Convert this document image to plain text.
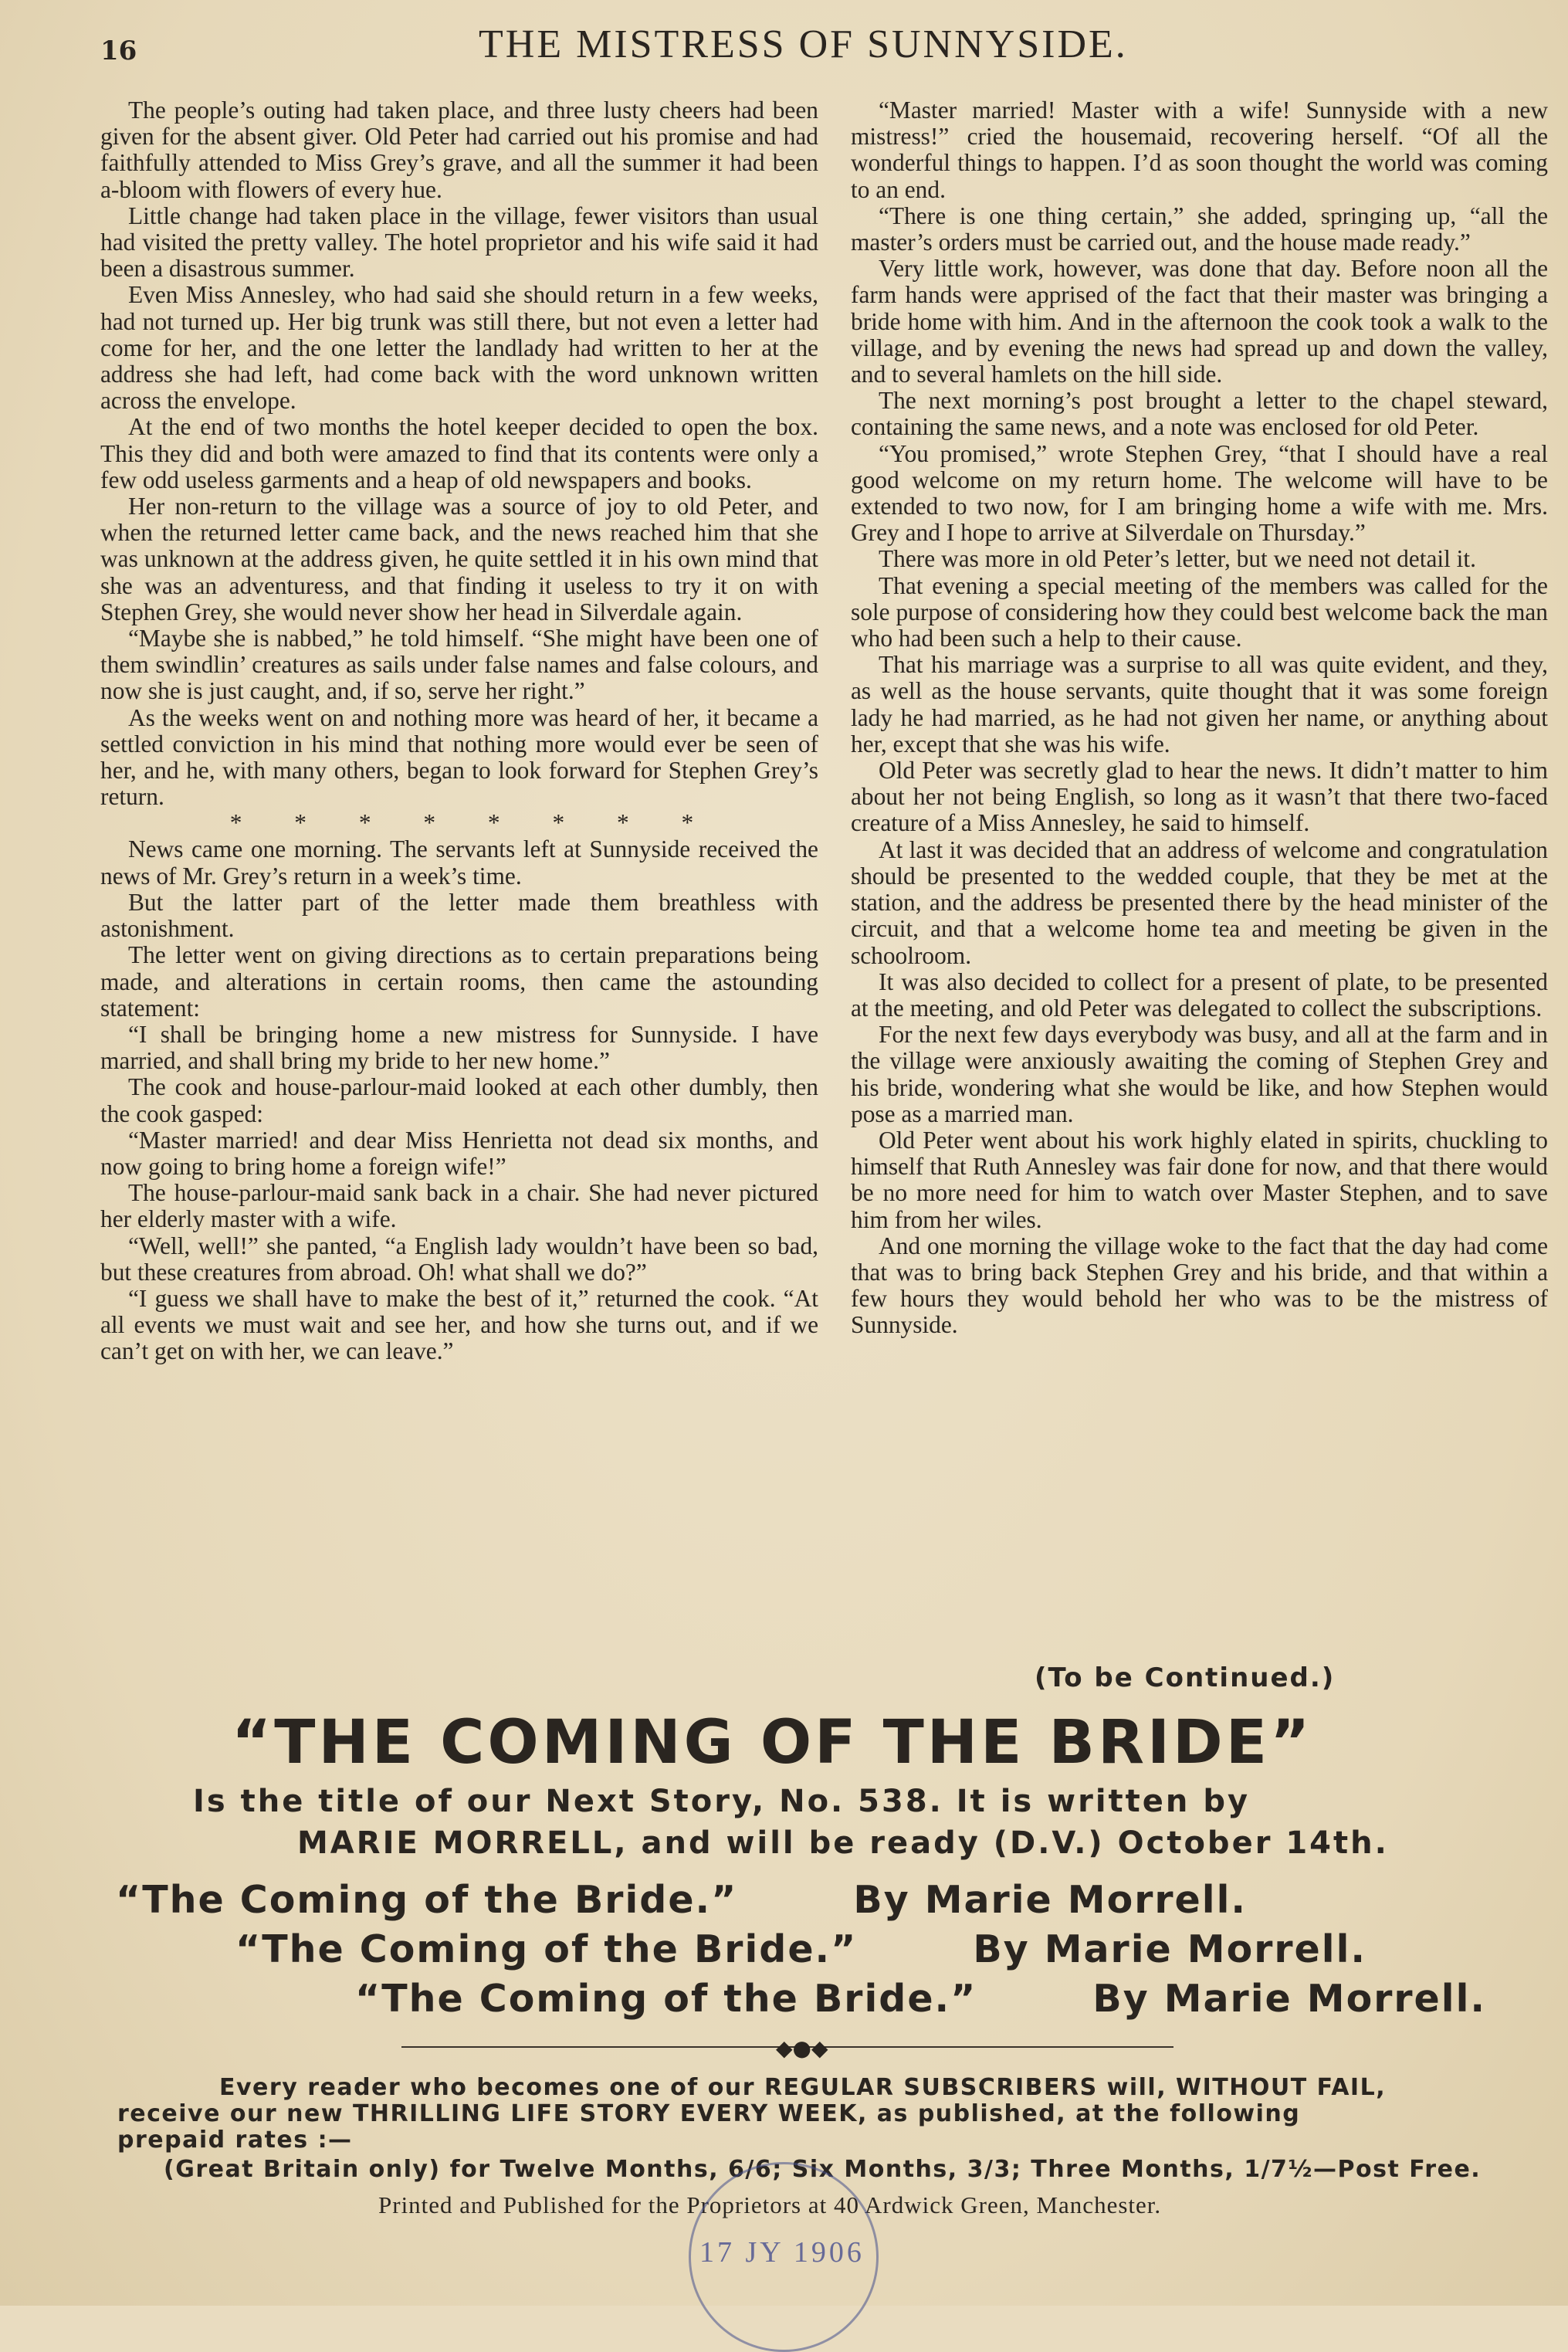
16	THE MISTRESS OF SUNNYSIDE.

The people’s outing had taken place, and three lusty cheers had been given for the absent giver. Old Peter had carried out his promise and had faithfully attended to Miss Grey’s grave, and all the summer it had been a-bloom with flowers of every hue.

Little change had taken place in the village, fewer visitors than usual had visited the pretty valley. The hotel proprietor and his wife said it had been a disastrous summer.

Even Miss Annesley, who had said she should return in a few weeks, had not turned up. Her big trunk was still there, but not even a letter had come for her, and the one letter the landlady had written to her at the address she had left, had come back with the word unknown written across the envelope.

At the end of two months the hotel keeper decided to open the box. This they did and both were amazed to find that its contents were only a few odd useless garments and a heap of old newspapers and books.

Her non-return to the village was a source of joy to old Peter, and when the returned letter came back, and the news reached him that she was unknown at the address given, he quite settled it in his own mind that she was an adventuress, and that finding it useless to try it on with Stephen Grey, she would never show her head in Silverdale again.

“Maybe she is nabbed,” he told himself. “She might have been one of them swindlin’ creatures as sails under false names and false colours, and now she is just caught, and, if so, serve her right.”

As the weeks went on and nothing more was heard of her, it became a settled conviction in his mind that nothing more would ever be seen of her, and he, with many others, began to look forward for Stephen Grey’s return.

* * * * * * * *

News came one morning. The servants left at Sunnyside received the news of Mr. Grey’s return in a week’s time.

But the latter part of the letter made them breathless with astonishment.

The letter went on giving directions as to certain preparations being made, and alterations in certain rooms, then came the astounding statement:

“I shall be bringing home a new mistress for Sunnyside. I have married, and shall bring my bride to her new home.”

The cook and house-parlour-maid looked at each other dumbly, then the cook gasped:

“Master married! and dear Miss Henrietta not dead six months, and now going to bring home a foreign wife!”

The house-parlour-maid sank back in a chair. She had never pictured her elderly master with a wife.

“Well, well!” she panted, “a English lady wouldn’t have been so bad, but these creatures from abroad. Oh! what shall we do?”

“I guess we shall have to make the best of it,” returned the cook. “At all events we must wait and see her, and how she turns out, and if we can’t get on with her, we can leave.”

“Master married! Master with a wife! Sunnyside with a new mistress!” cried the housemaid, recovering herself. “Of all the wonderful things to happen. I’d as soon thought the world was coming to an end.

“There is one thing certain,” she added, springing up, “all the master’s orders must be carried out, and the house made ready.”

Very little work, however, was done that day. Before noon all the farm hands were apprised of the fact that their master was bringing a bride home with him. And in the afternoon the cook took a walk to the village, and by evening the news had spread up and down the valley, and to several hamlets on the hill side.

The next morning’s post brought a letter to the chapel steward, containing the same news, and a note was enclosed for old Peter.

“You promised,” wrote Stephen Grey, “that I should have a real good welcome on my return home. The welcome will have to be extended to two now, for I am bringing home a wife with me. Mrs. Grey and I hope to arrive at Silverdale on Thursday.”

There was more in old Peter’s letter, but we need not detail it.

That evening a special meeting of the members was called for the sole purpose of considering how they could best welcome back the man who had been such a help to their cause.

That his marriage was a surprise to all was quite evident, and they, as well as the house servants, quite thought that it was some foreign lady he had married, as he had not given her name, or anything about her, except that she was his wife.

Old Peter was secretly glad to hear the news. It didn’t matter to him about her not being English, so long as it wasn’t that there two-faced creature of a Miss Annesley, he said to himself.

At last it was decided that an address of welcome and congratulation should be presented to the wedded couple, that they be met at the station, and the address be presented there by the head minister of the circuit, and that a welcome home tea and meeting be given in the schoolroom.

It was also decided to collect for a present of plate, to be presented at the meeting, and old Peter was delegated to collect the subscriptions.

For the next few days everybody was busy, and all at the farm and in the village were anxiously awaiting the coming of Stephen Grey and his bride, wondering what she would be like, and how Stephen would pose as a married man.

Old Peter went about his work highly elated in spirits, chuckling to himself that Ruth Annesley was fair done for now, and that there would be no more need for him to watch over Master Stephen, and to save him from her wiles.

And one morning the village woke to the fact that the day had come that was to bring back Stephen Grey and his bride, and that within a few hours they would behold her who was to be the mistress of Sunnyside.

(To be Continued.)
“THE COMING OF THE BRIDE”
Is the title of our Next Story, No. 538. It is written by
MARIE MORRELL, and will be ready (D.V.) October 14th.
“The Coming of the Bride.”	By Marie Morrell.
“The Coming of the Bride.”	By Marie Morrell.
“The Coming of the Bride.”	By Marie Morrell.
◆●◆
Every reader who becomes one of our REGULAR SUBSCRIBERS will, WITHOUT FAIL,
receive our new THRILLING LIFE STORY EVERY WEEK, as published, at the following
prepaid rates :—
(Great Britain only) for Twelve Months, 6/6; Six Months, 3/3; Three Months, 1/7½—Post Free.
Printed and Published for the Proprietors at 40 Ardwick Green, Manchester.
17 JY 1906
